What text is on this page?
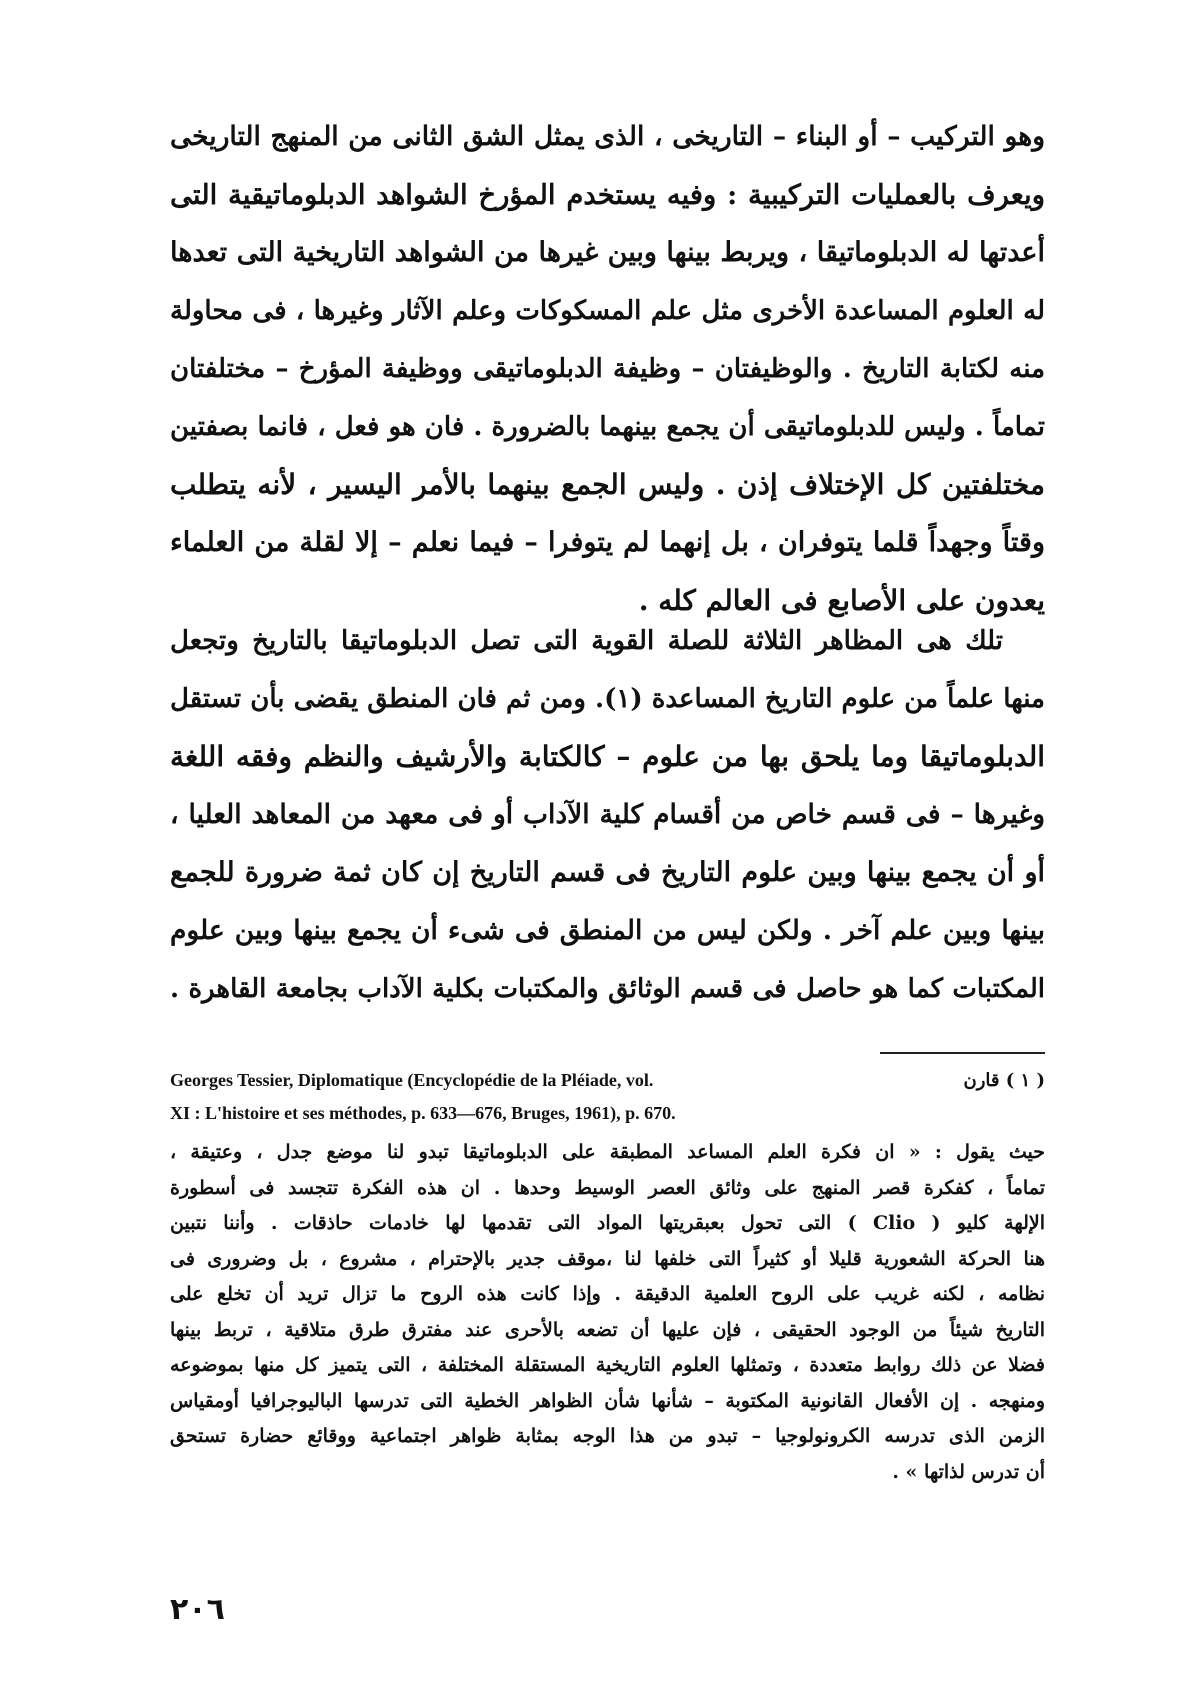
وهو التركيب – أو البناء – التاريخى ، الذى يمثل الشق الثانى من المنهج التاريخى
ويعرف بالعمليات التركيبية : وفيه يستخدم المؤرخ الشواهد الدبلوماتيقية التى
أعدتها له الدبلوماتيقا ، ويربط بينها وبين غيرها من الشواهد التاريخية التى تعدها
له العلوم المساعدة الأخرى مثل علم المسكوكات وعلم الآثار وغيرها ، فى محاولة
منه لكتابة التاريخ . والوظيفتان – وظيفة الدبلوماتيقى ووظيفة المؤرخ – مختلفتان
تماماً . وليس للدبلوماتيقى أن يجمع بينهما بالضرورة . فان هو فعل ، فانما بصفتين
مختلفتين كل الإختلاف إذن . وليس الجمع بينهما بالأمر اليسير ، لأنه يتطلب
وقتاً وجهداً قلما يتوفران ، بل إنهما لم يتوفرا – فيما نعلم – إلا لقلة من العلماء
يعدون على الأصابع فى العالم كله .
تلك هى المظاهر الثلاثة للصلة القوية التى تصل الدبلوماتيقا بالتاريخ وتجعل
منها علماً من علوم التاريخ المساعدة (١). ومن ثم فان المنطق يقضى بأن تستقل
الدبلوماتيقا وما يلحق بها من علوم – كالكتابة والأرشيف والنظم وفقه اللغة
وغيرها – فى قسم خاص من أقسام كلية الآداب أو فى معهد من المعاهد العليا ،
أو أن يجمع بينها وبين علوم التاريخ فى قسم التاريخ إن كان ثمة ضرورة للجمع
بينها وبين علم آخر . ولكن ليس من المنطق فى شىء أن يجمع بينها وبين علوم
المكتبات كما هو حاصل فى قسم الوثائق والمكتبات بكلية الآداب بجامعة القاهرة .
Georges Tessier, Diplomatique (Encyclopédie de la Pléiade, vol.	( ١ ) قارن
XI : L'histoire et ses méthodes, p. 633—676, Bruges, 1961), p. 670.
حيث يقول : « ان فكرة العلم المساعد المطبقة على الدبلوماتيقا تبدو لنا موضع جدل ، وعتيقة ،
تماماً ، كفكرة قصر المنهج على وثائق العصر الوسيط وحدها . ان هذه الفكرة تتجسد فى أسطورة
الإلهة كليو ( Clio ) التى تحول بعبقريتها المواد التى تقدمها لها خادمات حاذقات . وأننا نتبين
هنا الحركة الشعورية قليلا أو كثيراً التى خلفها لنا ،موقف جدير بالإحترام ، مشروع ، بل وضرورى فى
نظامه ، لكنه غريب على الروح العلمية الدقيقة . وإذا كانت هذه الروح ما تزال تريد أن تخلع على
التاريخ شيئاً من الوجود الحقيقى ، فإن عليها أن تضعه بالأحرى عند مفترق طرق متلاقية ، تربط بينها
فضلا عن ذلك روابط متعددة ، وتمثلها العلوم التاريخية المستقلة المختلفة ، التى يتميز كل منها بموضوعه
ومنهجه . إن الأفعال القانونية المكتوبة – شأنها شأن الظواهر الخطية التى تدرسها الباليوجرافيا أومقياس
الزمن الذى تدرسه الكرونولوجيا – تبدو من هذا الوجه بمثابة ظواهر اجتماعية ووقائع حضارة تستحق
أن تدرس لذاتها » .
٢٠٦
